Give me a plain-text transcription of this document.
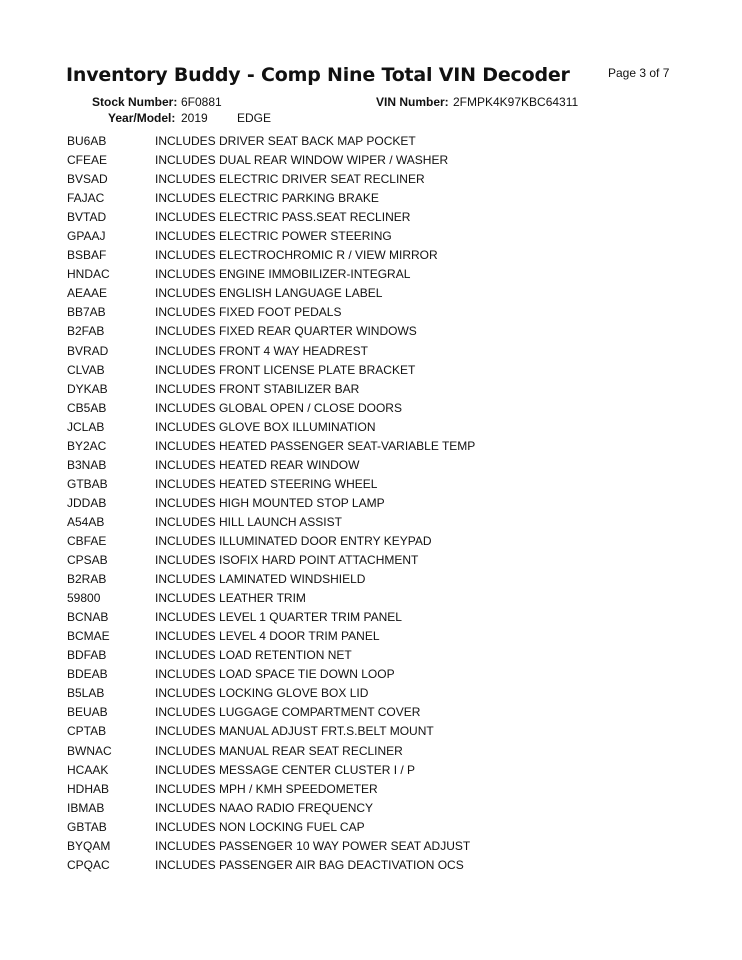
Page 3 of 7
Inventory Buddy - Comp Nine Total VIN Decoder
Stock Number: 6F0881	VIN Number: 2FMPK4K97KBC64311
Year/Model: 2019 EDGE
BU6AB	INCLUDES DRIVER SEAT BACK MAP POCKET
CFEAE	INCLUDES DUAL REAR WINDOW WIPER / WASHER
BVSAD	INCLUDES ELECTRIC DRIVER SEAT RECLINER
FAJAC	INCLUDES ELECTRIC PARKING BRAKE
BVTAD	INCLUDES ELECTRIC PASS.SEAT RECLINER
GPAAJ	INCLUDES ELECTRIC POWER STEERING
BSBAF	INCLUDES ELECTROCHROMIC R / VIEW MIRROR
HNDAC	INCLUDES ENGINE IMMOBILIZER-INTEGRAL
AEAAE	INCLUDES ENGLISH LANGUAGE LABEL
BB7AB	INCLUDES FIXED FOOT PEDALS
B2FAB	INCLUDES FIXED REAR QUARTER WINDOWS
BVRAD	INCLUDES FRONT 4 WAY HEADREST
CLVAB	INCLUDES FRONT LICENSE PLATE BRACKET
DYKAB	INCLUDES FRONT STABILIZER BAR
CB5AB	INCLUDES GLOBAL OPEN / CLOSE DOORS
JCLAB	INCLUDES GLOVE BOX ILLUMINATION
BY2AC	INCLUDES HEATED PASSENGER SEAT-VARIABLE TEMP
B3NAB	INCLUDES HEATED REAR WINDOW
GTBAB	INCLUDES HEATED STEERING WHEEL
JDDAB	INCLUDES HIGH MOUNTED STOP LAMP
A54AB	INCLUDES HILL LAUNCH ASSIST
CBFAE	INCLUDES ILLUMINATED DOOR ENTRY KEYPAD
CPSAB	INCLUDES ISOFIX HARD POINT ATTACHMENT
B2RAB	INCLUDES LAMINATED WINDSHIELD
59800	INCLUDES LEATHER TRIM
BCNAB	INCLUDES LEVEL 1 QUARTER TRIM PANEL
BCMAE	INCLUDES LEVEL 4 DOOR TRIM PANEL
BDFAB	INCLUDES LOAD RETENTION NET
BDEAB	INCLUDES LOAD SPACE TIE DOWN LOOP
B5LAB	INCLUDES LOCKING GLOVE BOX LID
BEUAB	INCLUDES LUGGAGE COMPARTMENT COVER
CPTAB	INCLUDES MANUAL ADJUST FRT.S.BELT MOUNT
BWNAC	INCLUDES MANUAL REAR SEAT RECLINER
HCAAK	INCLUDES MESSAGE CENTER CLUSTER I / P
HDHAB	INCLUDES MPH / KMH SPEEDOMETER
IBMAB	INCLUDES NAAO RADIO FREQUENCY
GBTAB	INCLUDES NON LOCKING FUEL CAP
BYQAM	INCLUDES PASSENGER 10 WAY POWER SEAT ADJUST
CPQAC	INCLUDES PASSENGER AIR BAG DEACTIVATION OCS
